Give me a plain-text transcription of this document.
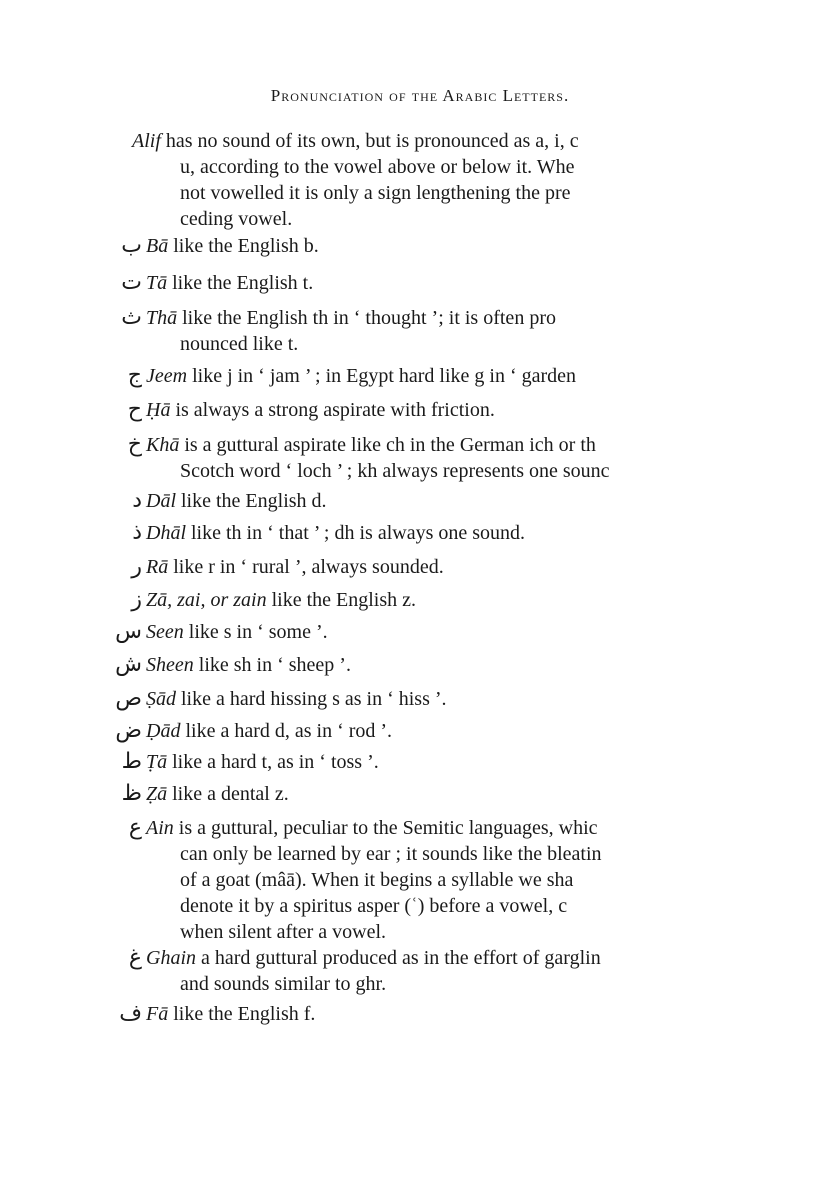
Pronunciation of the Arabic Letters.
Alif has no sound of its own, but is pronounced as a, i, c
u, according to the vowel above or below it. Whe
not vowelled it is only a sign lengthening the pre
ceding vowel.
ب Bā like the English b.
ت Tā like the English t.
ث Thā like the English th in ‘ thought ’; it is often pro
nounced like t.
ج Jeem like j in ‘ jam ’ ; in Egypt hard like g in ‘ garden
ح Ḥā is always a strong aspirate with friction.
خ Khā is a guttural aspirate like ch in the German ich or th
Scotch word ‘ loch ’ ; kh always represents one sounc
د Dāl like the English d.
ذ Dhāl like th in ‘ that ’ ; dh is always one sound.
ر Rā like r in ‘ rural ’, always sounded.
ز Zā, zai, or zain like the English z.
س Seen like s in ‘ some ’.
ش Sheen like sh in ‘ sheep ’.
ص Ṣād like a hard hissing s as in ‘ hiss ’.
ض Ḍād like a hard d, as in ‘ rod ’.
ط Ṭā like a hard t, as in ‘ toss ’.
ظ Ẓā like a dental z.
ع Ain is a guttural, peculiar to the Semitic languages, whic
can only be learned by ear ; it sounds like the bleatin
of a goat (mâā). When it begins a syllable we sha
denote it by a spiritus asper (ʿ) before a vowel, c
when silent after a vowel.
غ Ghain a hard guttural produced as in the effort of garglin
and sounds similar to ghr.
ف Fā like the English f.
